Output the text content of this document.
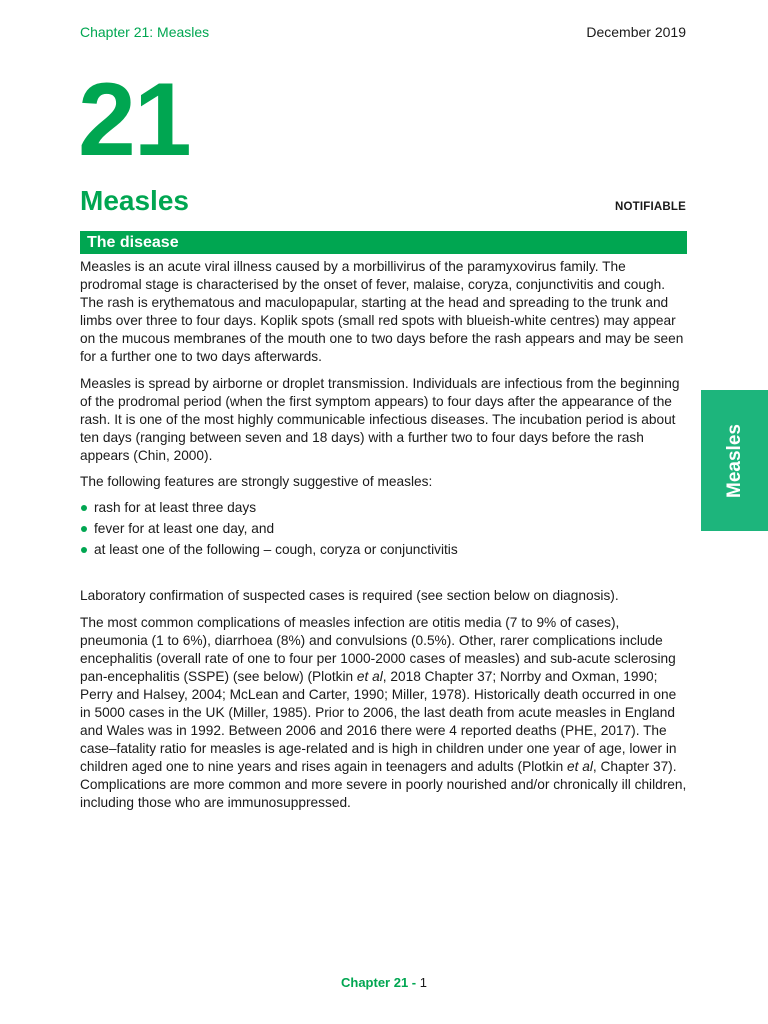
Chapter 21: Measles	December 2019
21
Measles	NOTIFIABLE
The disease

Measles is an acute viral illness caused by a morbillivirus of the paramyxovirus family. The prodromal stage is characterised by the onset of fever, malaise, coryza, conjunctivitis and cough. The rash is erythematous and maculopapular, starting at the head and spreading to the trunk and limbs over three to four days. Koplik spots (small red spots with blueish-white centres) may appear on the mucous membranes of the mouth one to two days before the rash appears and may be seen for a further one to two days afterwards.

Measles is spread by airborne or droplet transmission. Individuals are infectious from the beginning of the prodromal period (when the first symptom appears) to four days after the appearance of the rash. It is one of the most highly communicable infectious diseases. The incubation period is about ten days (ranging between seven and 18 days) with a further two to four days before the rash appears (Chin, 2000).

The following features are strongly suggestive of measles:

rash for at least three days
fever for at least one day, and
at least one of the following – cough, coryza or conjunctivitis

Laboratory confirmation of suspected cases is required (see section below on diagnosis).

The most common complications of measles infection are otitis media (7 to 9% of cases), pneumonia (1 to 6%), diarrhoea (8%) and convulsions (0.5%). Other, rarer complications include encephalitis (overall rate of one to four per 1000-2000 cases of measles) and sub-acute sclerosing pan-encephalitis (SSPE) (see below) (Plotkin et al, 2018 Chapter 37; Norrby and Oxman, 1990; Perry and Halsey, 2004; McLean and Carter, 1990; Miller, 1978). Historically death occurred in one in 5000 cases in the UK (Miller, 1985). Prior to 2006, the last death from acute measles in England and Wales was in 1992. Between 2006 and 2016 there were 4 reported deaths (PHE, 2017). The case–fatality ratio for measles is age-related and is high in children under one year of age, lower in children aged one to nine years and rises again in teenagers and adults (Plotkin et al, Chapter 37). Complications are more common and more severe in poorly nourished and/or chronically ill children, including those who are immunosuppressed.

Measles
Chapter 21 - 1
